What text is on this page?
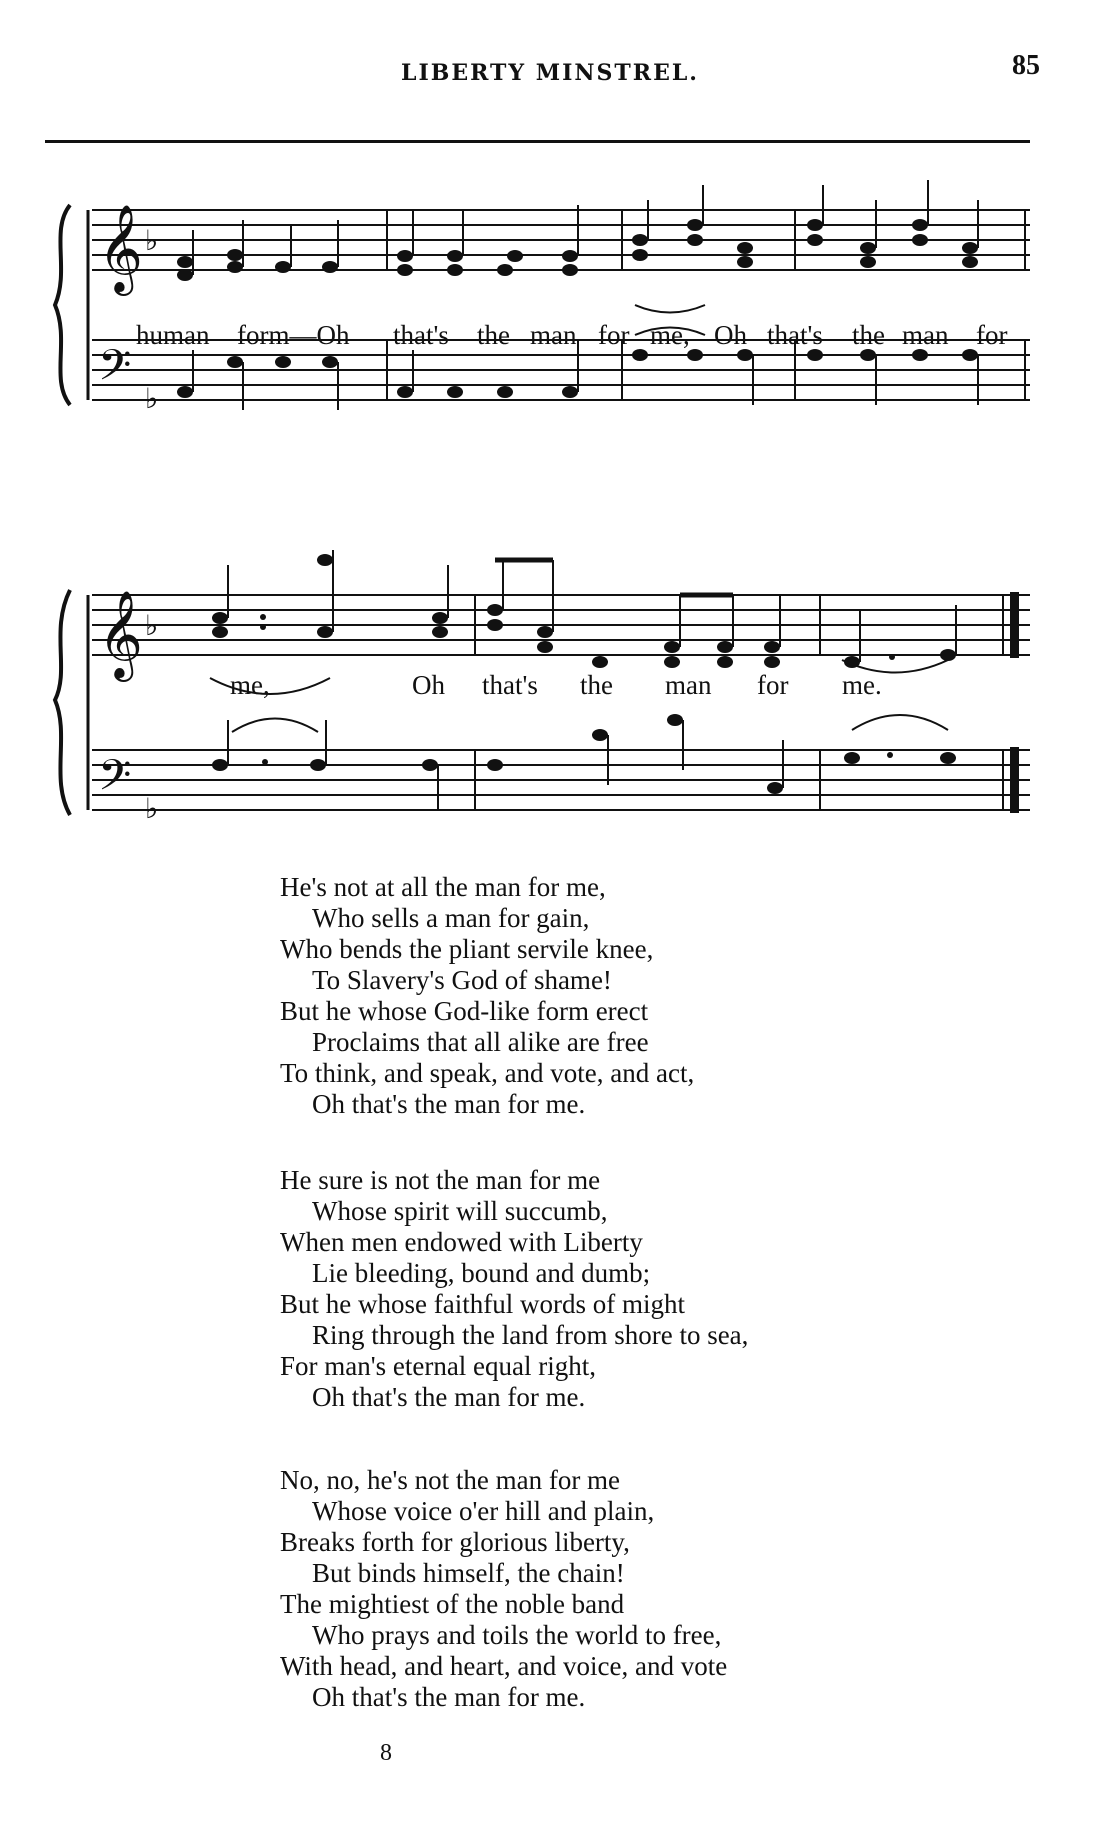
LIBERTY MINSTREL.	85
𝄞
𝄢
♭
♭
human form—Oh that's the man for me, Oh that's the man for
𝄞
𝄢
♭
♭
me,	Oh that's the man for me.
He's not at all the man for me,
Who sells a man for gain,
Who bends the pliant servile knee,
To Slavery's God of shame!
But he whose God-like form erect
Proclaims that all alike are free
To think, and speak, and vote, and act,
Oh that's the man for me.
He sure is not the man for me
Whose spirit will succumb,
When men endowed with Liberty
Lie bleeding, bound and dumb;
But he whose faithful words of might
Ring through the land from shore to sea,
For man's eternal equal right,
Oh that's the man for me.
No, no, he's not the man for me
Whose voice o'er hill and plain,
Breaks forth for glorious liberty,
But binds himself, the chain!
The mightiest of the noble band
Who prays and toils the world to free,
With head, and heart, and voice, and vote
Oh that's the man for me.
8
